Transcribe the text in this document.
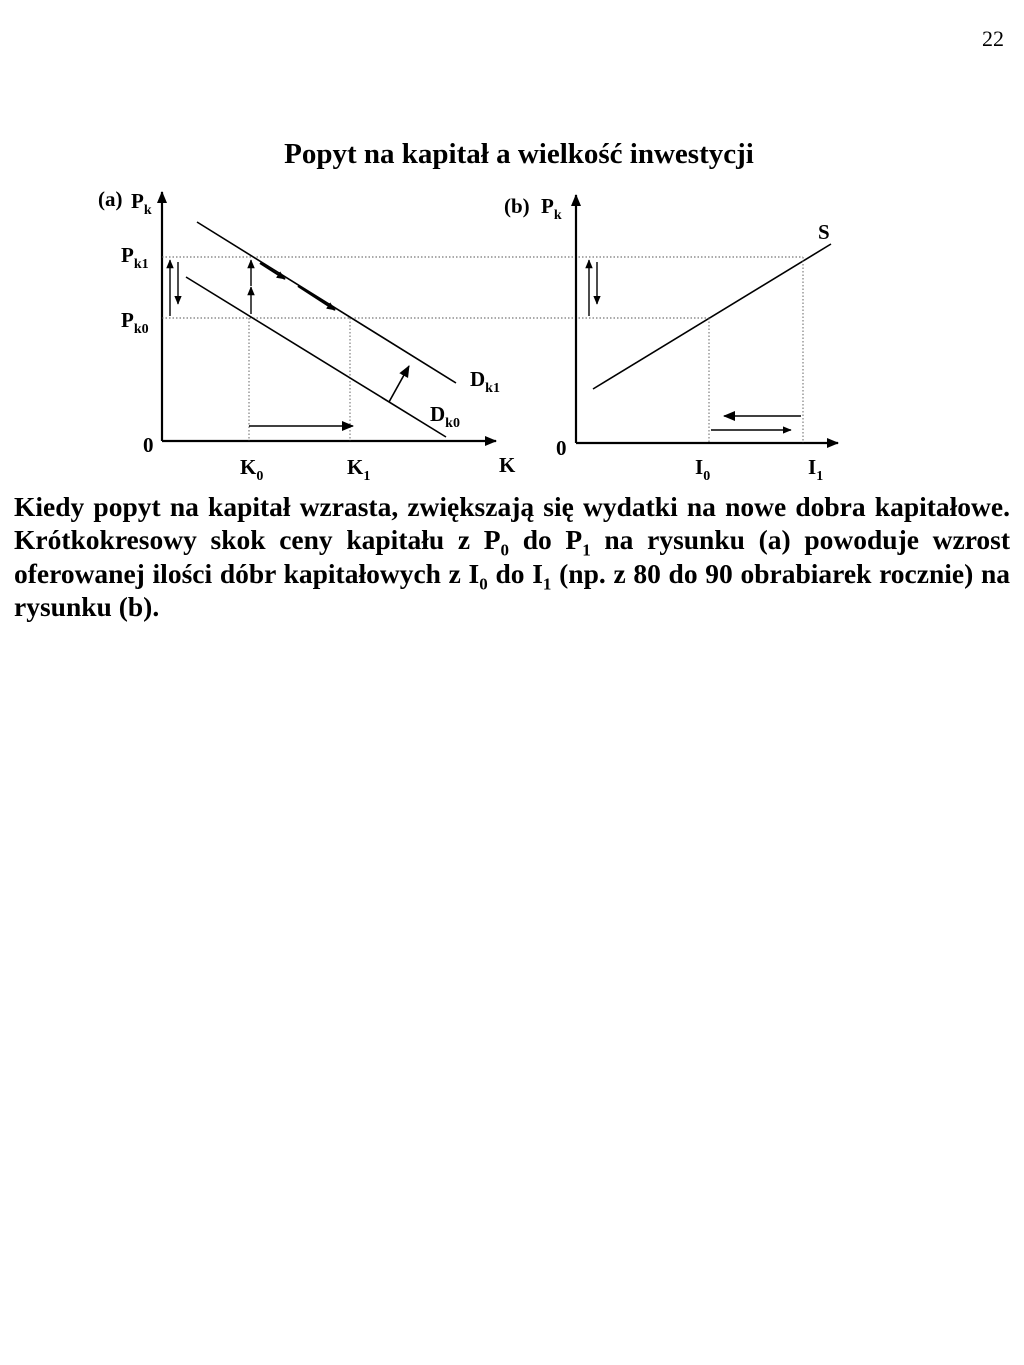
22
Popyt na kapitał a wielkość inwestycji
(a) $P_k$
0
K
$P_{k1}$
$P_{k0}$
$D_{k1}$
$D_{k0}$
$K_0$	$K_1$
(b) $P_k$
0
S
$I_0$	$I_1$

Kiedy popyt na kapitał wzrasta, zwiększają się wydatki na nowe dobra kapitałowe. Krótkokresowy skok ceny kapitału z $P_0$ do $P_1$ na rysunku (a) powoduje wzrost oferowanej ilości dóbr kapitałowych z $I_0$ do $I_1$ (np. z 80 do 90 obrabiarek rocznie) na rysunku (b).
